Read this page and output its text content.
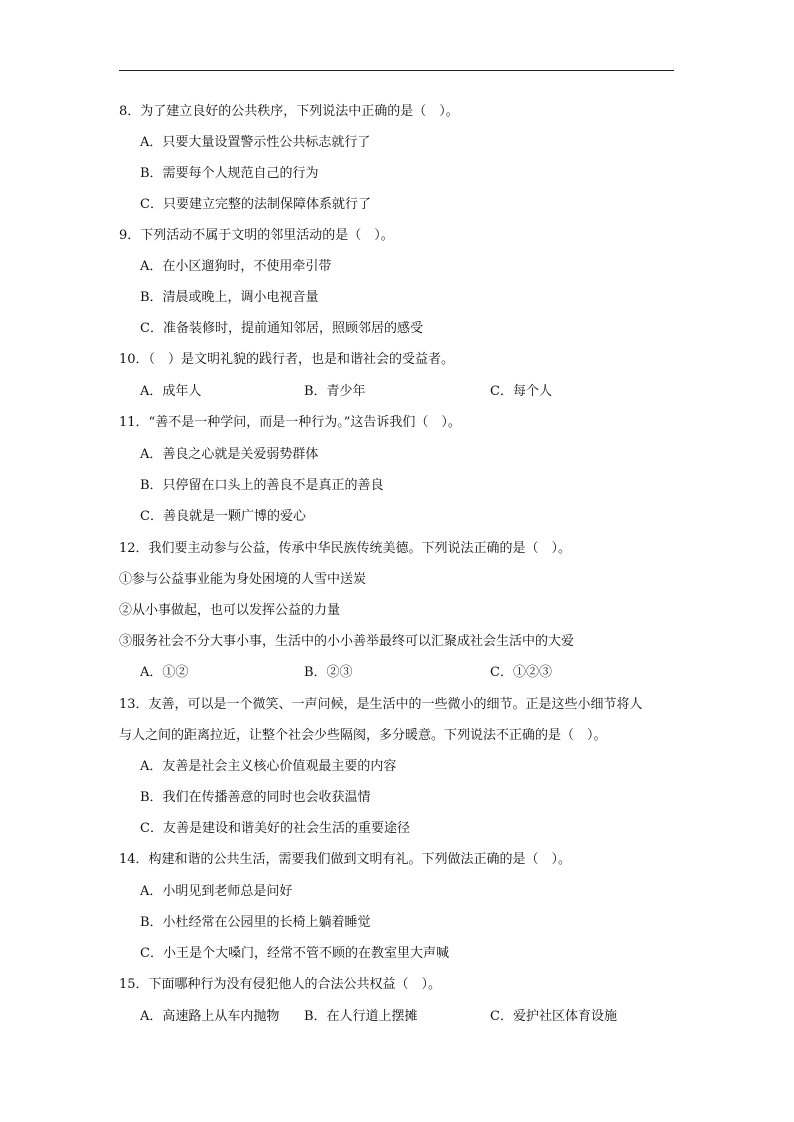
8．为了建立良好的公共秩序，下列说法中正确的是（　）。
A．只要大量设置警示性公共标志就行了
B．需要每个人规范自己的行为
C．只要建立完整的法制保障体系就行了
9．下列活动不属于文明的邻里活动的是（　）。
A．在小区遛狗时，不使用牵引带
B．清晨或晚上，调小电视音量
C．准备装修时，提前通知邻居，照顾邻居的感受
10．（　）是文明礼貌的践行者，也是和谐社会的受益者。
A．成年人	B．青少年	C．每个人
11．“善不是一种学问，而是一种行为。”这告诉我们（　）。
A．善良之心就是关爱弱势群体
B．只停留在口头上的善良不是真正的善良
C．善良就是一颗广博的爱心
12．我们要主动参与公益，传承中华民族传统美德。下列说法正确的是（　）。
①参与公益事业能为身处困境的人雪中送炭
②从小事做起，也可以发挥公益的力量
③服务社会不分大事小事，生活中的小小善举最终可以汇聚成社会生活中的大爱
A．①②	B．②③	C．①②③
13．友善，可以是一个微笑、一声问候，是生活中的一些微小的细节。正是这些小细节将人
与人之间的距离拉近，让整个社会少些隔阂，多分暖意。下列说法不正确的是（　）。
A．友善是社会主义核心价值观最主要的内容
B．我们在传播善意的同时也会收获温情
C．友善是建设和谐美好的社会生活的重要途径
14．构建和谐的公共生活，需要我们做到文明有礼。下列做法正确的是（　）。
A．小明见到老师总是问好
B．小杜经常在公园里的长椅上躺着睡觉
C．小王是个大嗓门，经常不管不顾的在教室里大声喊
15．下面哪种行为没有侵犯他人的合法公共权益（　）。
A．高速路上从车内抛物 B．在人行道上摆摊	C．爱护社区体育设施
